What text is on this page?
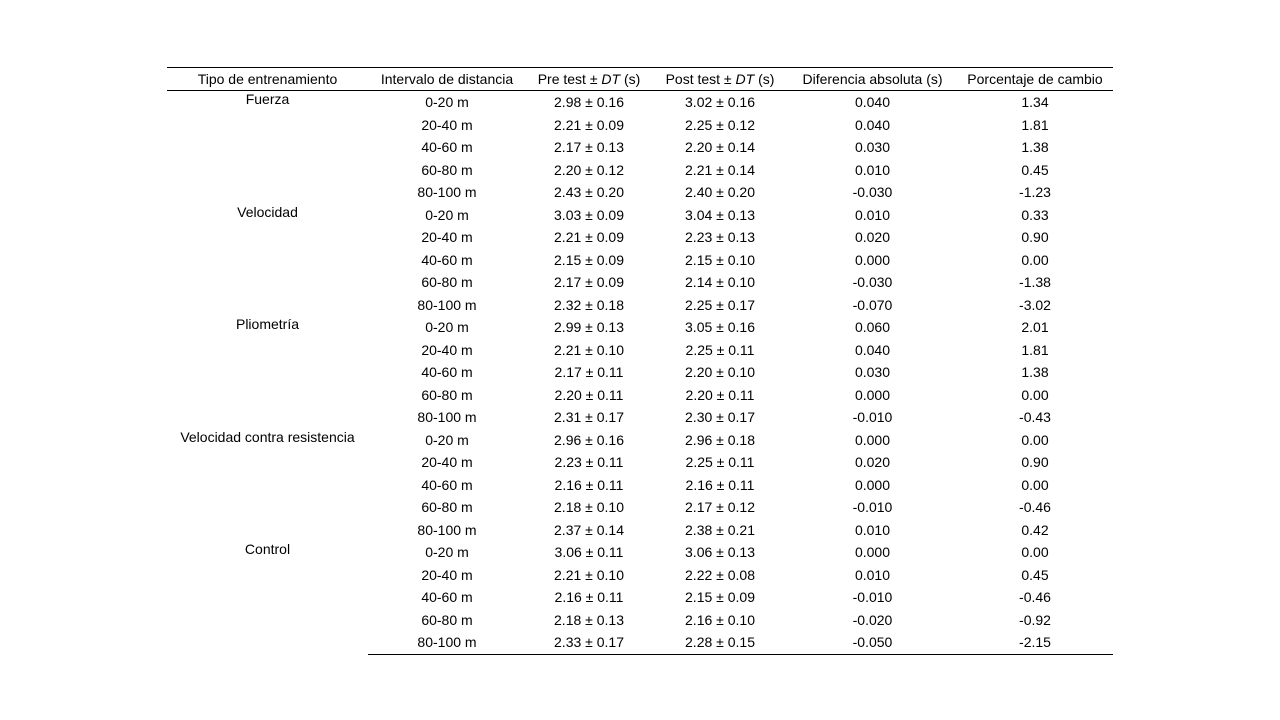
Tipo de entrenamiento	Intervalo de distancia	Pre test ± DT (s)	Post test ± DT (s)	Diferencia absoluta (s)	Porcentaje de cambio

Fuerza	0-20 m	2.98 ± 0.16	3.02 ± 0.16	0.040	1.34
	20-40 m	2.21 ± 0.09	2.25 ± 0.12	0.040	1.81
	40-60 m	2.17 ± 0.13	2.20 ± 0.14	0.030	1.38
	60-80 m	2.20 ± 0.12	2.21 ± 0.14	0.010	0.45
	80-100 m	2.43 ± 0.20	2.40 ± 0.20	-0.030	-1.23

Velocidad	0-20 m	3.03 ± 0.09	3.04 ± 0.13	0.010	0.33
	20-40 m	2.21 ± 0.09	2.23 ± 0.13	0.020	0.90
	40-60 m	2.15 ± 0.09	2.15 ± 0.10	0.000	0.00
	60-80 m	2.17 ± 0.09	2.14 ± 0.10	-0.030	-1.38
	80-100 m	2.32 ± 0.18	2.25 ± 0.17	-0.070	-3.02

Pliometría	0-20 m	2.99 ± 0.13	3.05 ± 0.16	0.060	2.01
	20-40 m	2.21 ± 0.10	2.25 ± 0.11	0.040	1.81
	40-60 m	2.17 ± 0.11	2.20 ± 0.10	0.030	1.38
	60-80 m	2.20 ± 0.11	2.20 ± 0.11	0.000	0.00
	80-100 m	2.31 ± 0.17	2.30 ± 0.17	-0.010	-0.43

Velocidad contra resistencia	0-20 m	2.96 ± 0.16	2.96 ± 0.18	0.000	0.00
	20-40 m	2.23 ± 0.11	2.25 ± 0.11	0.020	0.90
	40-60 m	2.16 ± 0.11	2.16 ± 0.11	0.000	0.00
	60-80 m	2.18 ± 0.10	2.17 ± 0.12	-0.010	-0.46
	80-100 m	2.37 ± 0.14	2.38 ± 0.21	0.010	0.42

Control	0-20 m	3.06 ± 0.11	3.06 ± 0.13	0.000	0.00
	20-40 m	2.21 ± 0.10	2.22 ± 0.08	0.010	0.45
	40-60 m	2.16 ± 0.11	2.15 ± 0.09	-0.010	-0.46
	60-80 m	2.18 ± 0.13	2.16 ± 0.10	-0.020	-0.92
	80-100 m	2.33 ± 0.17	2.28 ± 0.15	-0.050	-2.15
